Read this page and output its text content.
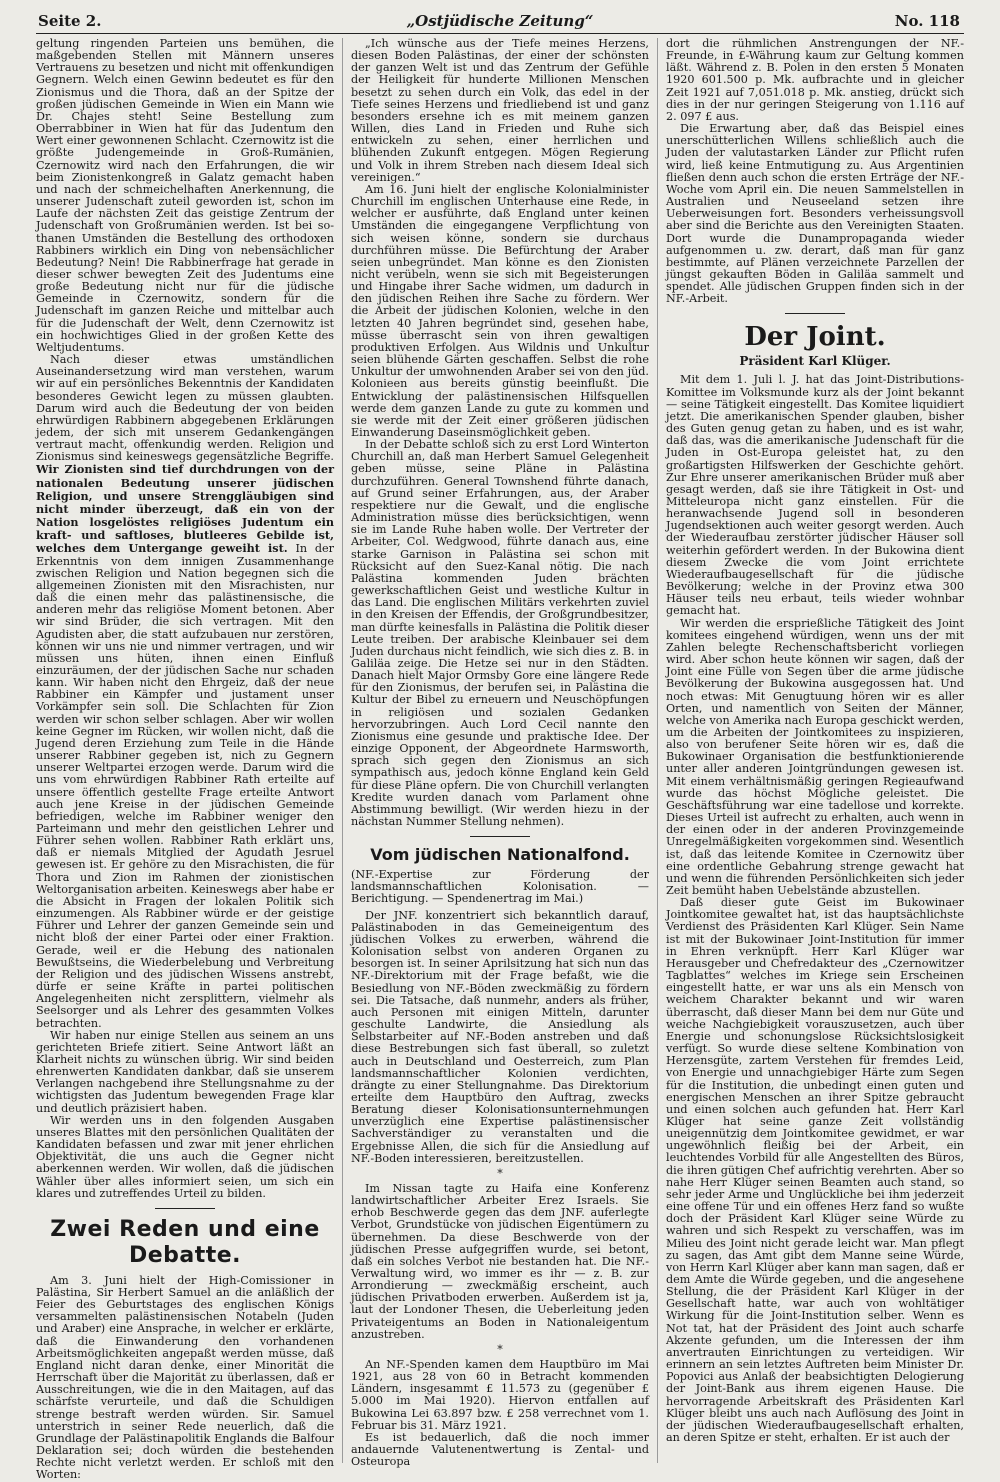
Seite 2.	„Ostjüdische Zeitung“	No. 118

geltung ringenden Parteien uns bemühen, die maßgebenden Stellen mit Männern unseres Vertrauens zu besetzen und nicht mit offenkundigen Gegnern. Welch einen Gewinn bedeutet es für den Zionismus und die Thora, daß an der Spitze der großen jüdischen Gemeinde in Wien ein Mann wie Dr. Chajes steht! Seine Bestellung zum Oberrabbiner in Wien hat für das Judentum den Wert einer gewonnenen Schlacht. Czernowitz ist die größte Judengemeinde in Groß-Rumänien, Czernowitz wird nach den Erfahrungen, die wir beim Zionistenkongreß in Galatz gemacht haben und nach der schmeichelhaften Anerkennung, die unserer Judenschaft zuteil geworden ist, schon im Laufe der nächsten Zeit das geistige Zentrum der Judenschaft von Großrumänien werden. Ist bei so-thanen Umständen die Bestellung des orthodoxen Rabbiners wirklich ein Ding von nebensächlicher Bedeutung? Nein! Die Rabbinerfrage hat gerade in dieser schwer bewegten Zeit des Judentums eine große Bedeutung nicht nur für die jüdische Gemeinde in Czernowitz, sondern für die Judenschaft im ganzen Reiche und mittelbar auch für die Judenschaft der Welt, denn Czernowitz ist ein hochwichtiges Glied in der großen Kette des Weltjudentums.

Nach dieser etwas umständlichen Auseinandersetzung wird man verstehen, warum wir auf ein persönliches Bekenntnis der Kandidaten besonderes Gewicht legen zu müssen glaubten. Darum wird auch die Bedeutung der von beiden ehrwürdigen Rabbinern abgegebenen Erklärungen jedem, der sich mit unserem Gedankengängen vertraut macht, offenkundig werden. Religion und Zionismus sind keineswegs gegensätzliche Begriffe. Wir Zionisten sind tief durchdrungen von der nationalen Bedeutung unserer jüdischen Religion, und unsere Strenggläubigen sind nicht minder überzeugt, daß ein von der Nation losgelöstes religiöses Judentum ein kraft- und saftloses, blutleeres Gebilde ist, welches dem Untergange geweiht ist. In der Erkenntnis von dem innigen Zusammenhange zwischen Religion und Nation begegnen sich die allgemeinen Zionisten mit den Misrachisten, nur daß die einen mehr das palästinensische, die anderen mehr das religiöse Moment betonen. Aber wir sind Brüder, die sich vertragen. Mit den Agudisten aber, die statt aufzubauen nur zerstören, können wir uns nie und nimmer vertragen, und wir müssen uns hüten, ihnen einen Einfluß einzuräumen, der der jüdischen Sache nur schaden kann. Wir haben nicht den Ehrgeiz, daß der neue Rabbiner ein Kämpfer und justament unser Vorkämpfer sein soll. Die Schlachten für Zion werden wir schon selber schlagen. Aber wir wollen keine Gegner im Rücken, wir wollen nicht, daß die Jugend deren Erziehung zum Teile in die Hände unserer Rabbiner gegeben ist, nich zu Gegnern unserer Weltpartei erzogen werde. Darum wird die uns vom ehrwürdigen Rabbiner Rath erteilte auf unsere öffentlich gestellte Frage erteilte Antwort auch jene Kreise in der jüdischen Gemeinde befriedigen, welche im Rabbiner weniger den Parteimann und mehr den geistlichen Lehrer und Führer sehen wollen. Rabbiner Rath erklärt uns, daß er niemals Mitglied der Agudath Jesruel gewesen ist. Er gehöre zu den Misrachisten, die für Thora und Zion im Rahmen der zionistischen Weltorganisation arbeiten. Keineswegs aber habe er die Absicht in Fragen der lokalen Politik sich einzumengen. Als Rabbiner würde er der geistige Führer und Lehrer der ganzen Gemeinde sein und nicht bloß der einer Partei oder einer Fraktion. Gerade, weil er die Hebung des nationalen Bewußtseins, die Wiederbelebung und Verbreitung der Religion und des jüdischen Wissens anstrebt, dürfe er seine Kräfte in partei politischen Angelegenheiten nicht zersplittern, vielmehr als Seelsorger und als Lehrer des gesammten Volkes betrachten.

Wir haben nur einige Stellen aus seinem an uns gerichteten Briefe zitiert. Seine Antwort läßt an Klarheit nichts zu wünschen übrig. Wir sind beiden ehrenwerten Kandidaten dankbar, daß sie unserem Verlangen nachgebend ihre Stellungsnahme zu der wichtigsten das Judentum bewegenden Frage klar und deutlich präzisiert haben.

Wir werden uns in den folgenden Ausgaben unseres Blattes mit den persönlichen Qualitäten der Kandidaten befassen und zwar mit jener ehrlichen Objektivität, die uns auch die Gegner nicht aberkennen werden. Wir wollen, daß die jüdischen Wähler über alles informiert seien, um sich ein klares und zutreffendes Urteil zu bilden.

Zwei Reden und eine Debatte.

Am 3. Juni hielt der High-Comissioner in Palästina, Sir Herbert Samuel an die anläßlich der Feier des Geburtstages des englischen Königs versammelten palästinensischen Notabeln (Juden und Araber) eine Ansprache, in welcher er erklärte, daß die Einwanderung den vorhandenen Arbeitsmöglichkeiten angepaßt werden müsse, daß England nicht daran denke, einer Minorität die Herrschaft über die Majorität zu überlassen, daß er Ausschreitungen, wie die in den Maitagen, auf das schärfste verurteile, und daß die Schuldigen strenge bestraft werden würden. Sir. Samuel unterstrich in seiner Rede neuerlich, daß die Grundlage der Palästinapolitik Englands die Balfour Deklaration sei; doch würden die bestehenden Rechte nicht verletzt werden. Er schloß mit den Worten:

„Ich wünsche aus der Tiefe meines Herzens, diesen Boden Palästinas, der einer der schönsten der ganzen Welt ist und das Zentrum der Gefühle der Heiligkeit für hunderte Millionen Menschen besetzt zu sehen durch ein Volk, das edel in der Tiefe seines Herzens und friedliebend ist und ganz besonders ersehne ich es mit meinem ganzen Willen, dies Land in Frieden und Ruhe sich entwickeln zu sehen, einer herrlichen und blühenden Zukunft entgegen. Mögen Regierung und Volk in ihrem Streben nach diesem Ideal sich vereinigen.“

Am 16. Juni hielt der englische Kolonialminister Churchill im englischen Unterhause eine Rede, in welcher er ausführte, daß England unter keinen Umständen die eingegangene Verpflichtung von sich weisen könne, sondern sie durchaus durchführen müsse. Die Befürchtung der Araber seien unbegründet. Man könne es den Zionisten nicht verübeln, wenn sie sich mit Begeisterungen und Hingabe ihrer Sache widmen, um dadurch in den jüdischen Reihen ihre Sache zu fördern. Wer die Arbeit der jüdischen Kolonien, welche in den letzten 40 Jahren begründet sind, gesehen habe, müsse überrascht sein von ihren gewaltigen produktiven Erfolgen. Aus Wildnis und Unkultur seien blühende Gärten geschaffen. Selbst die rohe Unkultur der umwohnenden Araber sei von den jüd. Kolonieen aus bereits günstig beeinflußt. Die Entwicklung der palästinensischen Hilfsquellen werde dem ganzen Lande zu gute zu kommen und sie werde mit der Zeit einer größeren jüdischen Einwanderung Daseinsmöglichkeit geben.

In der Debatte schloß sich zu erst Lord Winterton Churchill an, daß man Herbert Samuel Gelegenheit geben müsse, seine Pläne in Palästina durchzuführen. General Townshend führte danach, auf Grund seiner Erfahrungen, aus, der Araber respektiere nur die Gewalt, und die englische Administration müsse dies berücksichtigen, wenn sie im Lande Ruhe haben wolle. Der Vertreter der Arbeiter, Col. Wedgwood, führte danach aus, eine starke Garnison in Palästina sei schon mit Rücksicht auf den Suez-Kanal nötig. Die nach Palästina kommenden Juden brächten gewerkschaftlichen Geist und westliche Kultur in das Land. Die englischen Militärs verkehrten zuviel in den Kreisen der Effendis, der Großgrundbesitzer, man dürfte keinesfalls in Palästina die Politik dieser Leute treiben. Der arabische Kleinbauer sei dem Juden durchaus nicht feindlich, wie sich dies z. B. in Galiläa zeige. Die Hetze sei nur in den Städten. Danach hielt Major Ormsby Gore eine längere Rede für den Zionismus, der berufen sei, in Palästina die Kultur der Bibel zu erneuern und Neuschöpfungen in religiösen und sozialen Gedanken hervorzubringen. Auch Lord Cecil nannte den Zionismus eine gesunde und praktische Idee. Der einzige Opponent, der Abgeordnete Harmsworth, sprach sich gegen den Zionismus an sich sympathisch aus, jedoch könne England kein Geld für diese Pläne opfern. Die von Churchill verlangten Kredite wurden danach vom Parlament ohne Abstimmung bewilligt. (Wir werden hiezu in der nächstan Nummer Stellung nehmen).

Vom jüdischen Nationalfond.

(NF.-Expertise zur Förderung der landsmannschaftlichen Kolonisation. — Berichtigung. — Spendenertrag im Mai.)

Der JNF. konzentriert sich bekanntlich darauf, Palästinaboden in das Gemeineigentum des jüdischen Volkes zu erwerben, während die Kolonisation selbst von anderen Organen zu besorgen ist. In seiner Aprilsitzung hat sich nun das NF.-Direktorium mit der Frage befaßt, wie die Besiedlung von NF.-Böden zweckmäßig zu fördern sei. Die Tatsache, daß nunmehr, anders als früher, auch Personen mit einigen Mitteln, darunter geschulte Landwirte, die Ansiedlung als Selbstarbeiter auf NF.-Boden anstreben und daß diese Bestrebungen sich fast überall, so zuletzt auch in Deutschland und Oesterreich, zum Plan landsmannschaftlicher Kolonien verdichten, drängte zu einer Stellungnahme. Das Direktorium erteilte dem Hauptbüro den Auftrag, zwecks Beratung dieser Kolonisationsunternehmungen unverzüglich eine Expertise palästinensischer Sachverständiger zu veranstalten und die Ergebnisse Allen, die sich für die Ansiedlung auf NF.-Boden interessieren, bereitzustellen.

*

Im Nissan tagte zu Haifa eine Konferenz landwirtschaftlicher Arbeiter Erez Israels. Sie erhob Beschwerde gegen das dem JNF. auferlegte Verbot, Grundstücke von jüdischen Eigentümern zu übernehmen. Da diese Beschwerde von der jüdischen Presse aufgegriffen wurde, sei betont, daß ein solches Verbot nie bestanden hat. Die NF.-Verwaltung wird, wo immer es ihr — z. B. zur Arrondierung — zweckmäßig erscheint, auch jüdischen Privatboden erwerben. Außerdem ist ja, laut der Londoner Thesen, die Ueberleitung jeden Privateigentums an Boden in Nationaleigentum anzustreben.

*

An NF.-Spenden kamen dem Hauptbüro im Mai 1921, aus 28 von 60 in Betracht kommenden Ländern, insgesammt £ 11.573 zu (gegenüber £ 5.000 im Mai 1920). Hiervon entfallen auf Bukowina Lei 63.897 bzw. £ 258 verrechnet vom 1. Februar bis 31. März 1921.

Es ist bedauerlich, daß die noch immer andauernde Valutenentwertung is Zental- und Osteuropa

dort die rühmlichen Anstrengungen der NF.-Freunde, in £-Währung kaum zur Geltung kommen läßt. Während z. B. Polen in den ersten 5 Monaten 1920 601.500 p. Mk. aufbrachte und in gleicher Zeit 1921 auf 7,051.018 p. Mk. anstieg, drückt sich dies in der nur geringen Steigerung von 1.116 auf 2. 097 £ aus.

Die Erwartung aber, daß das Beispiel eines unerschütterlichen Willens schließlich auch die Juden der valutastarken Länder zur Pflicht rufen wird, ließ keine Entmutigung zu. Aus Argentinien fließen denn auch schon die ersten Erträge der NF.-Woche vom April ein. Die neuen Sammelstellen in Australien und Neuseeland setzen ihre Ueberweisungen fort. Besonders verheissungsvoll aber sind die Berichte aus den Vereinigten Staaten. Dort wurde die Dunampropaganda wieder aufgenommen u. zw. derart, daß man für ganz bestimmte, auf Plänen verzeichnete Parzellen der jüngst gekauften Böden in Galiläa sammelt und spendet. Alle jüdischen Gruppen finden sich in der NF.-Arbeit.

Der Joint.
Präsident Karl Klüger.

Mit dem 1. Juli l. J. hat das Joint-Distributions-Komittee im Volksmunde kurz als der Joint bekannt — seine Tätigkeit eingestellt. Das Komitee liquidiert jetzt. Die amerikanischen Spender glauben, bisher des Guten genug getan zu haben, und es ist wahr, daß das, was die amerikanische Judenschaft für die Juden in Ost-Europa geleistet hat, zu den großartigsten Hilfswerken der Geschichte gehört. Zur Ehre unserer amerikanischen Brüder muß aber gesagt werden, daß sie ihre Tätigkeit in Ost- und Mitteleuropa nicht ganz einstellen. Für die heranwachsende Jugend soll in besonderen Jugendsektionen auch weiter gesorgt werden. Auch der Wiederaufbau zerstörter jüdischer Häuser soll weiterhin gefördert werden. In der Bukowina dient diesem Zwecke die vom Joint errichtete Wiederaufbaugesellschaft für die jüdische Bevölkerung; welche in der Provinz etwa 300 Häuser teils neu erbaut, teils wieder wohnbar gemacht hat.

Wir werden die ersprießliche Tätigkeit des Joint komitees eingehend würdigen, wenn uns der mit Zahlen belegte Rechenschaftsbericht vorliegen wird. Aber schon heute können wir sagen, daß der Joint eine Fülle von Segen über die arme jüdische Bevölkerung der Bukowina ausgegossen hat. Und noch etwas: Mit Genugtuung hören wir es aller Orten, und namentlich von Seiten der Männer, welche von Amerika nach Europa geschickt werden, um die Arbeiten der Jointkomitees zu inspizieren, also von berufener Seite hören wir es, daß die Bukowinaer Organisation die bestfunktionierende unter aller anderen Jointgründungen gewesen ist. Mit einem verhältnismäßig geringen Regieaufwand wurde das höchst Mögliche geleistet. Die Geschäftsführung war eine tadellose und korrekte. Dieses Urteil ist aufrecht zu erhalten, auch wenn in der einen oder in der anderen Provinzgemeinde Unregelmäßigkeiten vorgekommen sind. Wesentlich ist, daß das leitende Komitee in Czernowitz über eine ordentliche Gebahrung strenge gewacht hat und wenn die führenden Persönlichkeiten sich jeder Zeit bemüht haben Uebelstände abzustellen.

Daß dieser gute Geist im Bukowinaer Jointkomitee gewaltet hat, ist das hauptsächlichste Verdienst des Präsidenten Karl Klüger. Sein Name ist mit der Bukowinaer Joint-Institution für immer in Ehren verknüpft. Herr Karl Klüger war Herausgeber und Chefredakteur des „Czernowitzer Tagblattes“ welches im Kriege sein Erscheinen eingestellt hatte, er war uns als ein Mensch von weichem Charakter bekannt und wir waren überrascht, daß dieser Mann bei dem nur Güte und weiche Nachgiebigkeit vorauszusetzen, auch über Energie und schonungslose Rücksichtslosigkeit verfügt. So wurde diese seltene Kombination von Herzensgüte, zartem Verstehen für fremdes Leid, von Energie und unnachgiebiger Härte zum Segen für die Institution, die unbedingt einen guten und energischen Menschen an ihrer Spitze gebraucht und einen solchen auch gefunden hat. Herr Karl Klüger hat seine ganze Zeit vollständig uneigennützig dem Jointkomitee gewidmet, er war ungewöhnlich fleißig bei der Arbeit, ein leuchtendes Vorbild für alle Angestellten des Büros, die ihren gütigen Chef aufrichtig verehrten. Aber so nahe Herr Klüger seinen Beamten auch stand, so sehr jeder Arme und Unglückliche bei ihm jederzeit eine offene Tür und ein offenes Herz fand so wußte doch der Präsident Karl Klüger seine Würde zu wahren und sich Respekt zu verschaffen, was im Milieu des Joint nicht gerade leicht war. Man pflegt zu sagen, das Amt gibt dem Manne seine Würde, von Herrn Karl Klüger aber kann man sagen, daß er dem Amte die Würde gegeben, und die angesehene Stellung, die der Präsident Karl Klüger in der Gesellschaft hatte, war auch von wohltätiger Wirkung für die Joint-Institution selber. Wenn es Not tat, hat der Präsident des Joint auch scharfe Akzente gefunden, um die Interessen der ihm anvertrauten Einrichtungen zu verteidigen. Wir erinnern an sein letztes Auftreten beim Minister Dr. Popovici aus Anlaß der beabsichtigten Delogierung der Joint-Bank aus ihrem eigenen Hause. Die hervorragende Arbeitskraft des Präsidenten Karl Klüger bleibt uns auch nach Auflösung des Joint in der jüdischen Wiederaufbaugesellschaft erhalten, an deren Spitze er steht, erhalten. Er ist auch der
